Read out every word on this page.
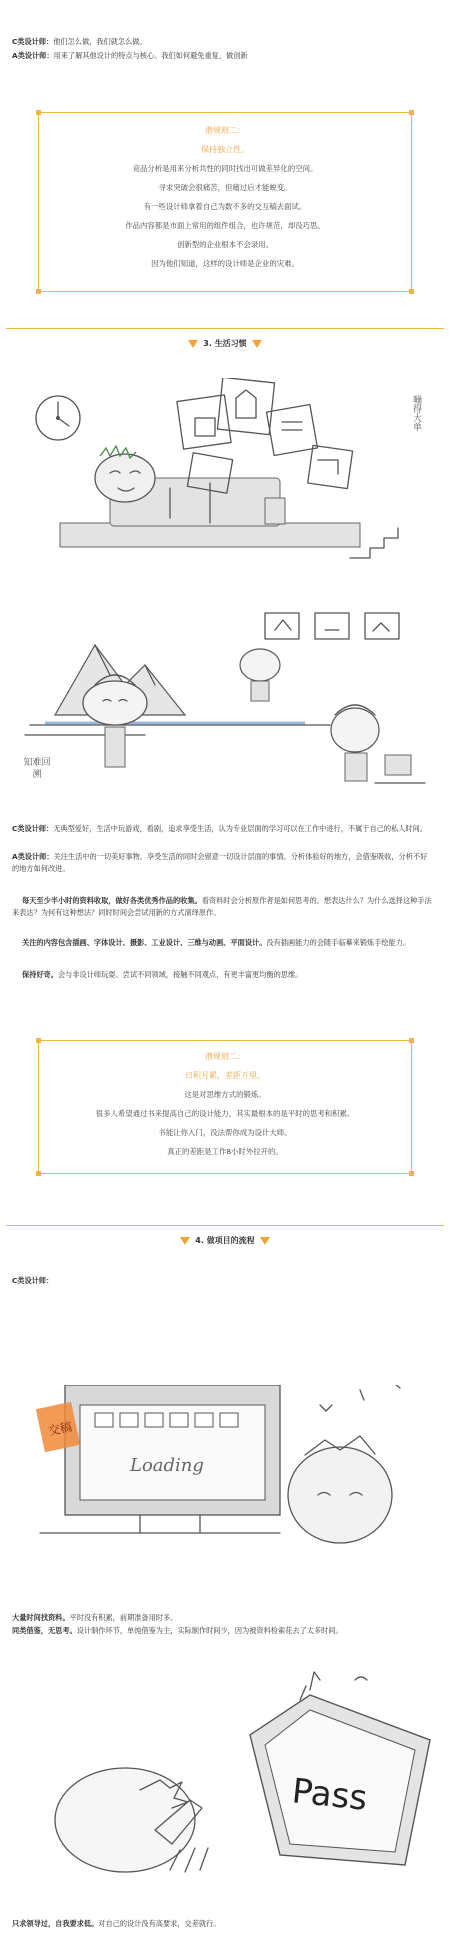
C类设计师：他们怎么做，我们就怎么做。
A类设计师：用来了解其他设计的特点与核心。我们如何避免重复，做创新
潜规则二：
保持独立性。
竞品分析是用来分析共性的同时找出可做差异化的空间。
寻求突破会很痛苦，但痛过后才能蜕变。
有一些设计师拿着自己为数不多的交互稿去面试。
作品内容都是市面上常用的组件组合，也许规范，却没巧思。
创新型的企业根本不会录用。
因为他们知道，这样的设计师是企业的灾难。
3. 生活习惯
嘣得大单
知难回溯
C类设计师：无典型爱好，生活中玩游戏，看剧，追求享受生活，认为专业层面的学习可以在工作中进行，不属于自己的私人时间。
A类设计师：关注生活中的一切美好事物。享受生活的同时会留意一切设计层面的事情。分析体验好的地方，会借鉴吸收，分析不好的地方如何改进。
每天至少半小时的资料收取，做好各类优秀作品的收集。看资料时会分析原作者是如何思考的。想表达什么？为什么选择这种手法来表达？为何有这种想法？同时时间会尝试用新的方式演绎原作。
关注的内容包含插画、字体设计、摄影、工业设计、三维与动画、平面设计。没有插画能力的会随手临摹来锻炼手绘能力。
保持好奇。会与非设计师玩耍。尝试不同领域，接触不同观点，有更丰富更均衡的思维。
潜规则二：
日积月累，差距万里。
这是对思维方式的锻炼。
很多人希望通过书来提高自己的设计能力，其实最根本的是平时的思考和积累。
书能让你入门，没法帮你成为设计大师。
真正的差距是工作8小时外拉开的。
4. 做项目的流程
C类设计师：
Loading
交稿
大量时间找资料。平时没有积累，前期准备用时多。
同类借鉴，无思考。设计制作环节，单纯借鉴为主，实际制作时间少，因为被资料检索花去了太多时间。
Pass
只求领导过，自我要求低。对自己的设计没有高要求，交差就行。
